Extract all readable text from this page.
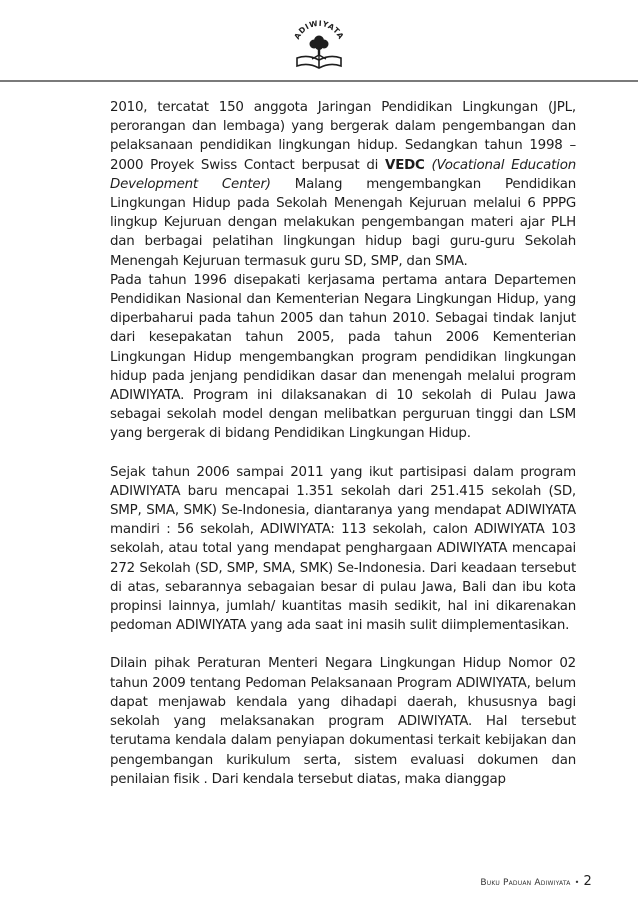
ADIWIYATA

2010, tercatat 150 anggota Jaringan Pendidikan Lingkungan (JPL, perorangan dan lembaga) yang bergerak dalam pengembangan dan pelaksanaan pendidikan lingkungan hidup. Sedangkan tahun 1998 – 2000 Proyek Swiss Contact berpusat di VEDC (Vocational Education Development Center) Malang mengembangkan Pendidikan Lingkungan Hidup pada Sekolah Menengah Kejuruan melalui 6 PPPG lingkup Kejuruan dengan melakukan pengembangan materi ajar PLH dan berbagai pelatihan lingkungan hidup bagi guru-guru Sekolah Menengah Kejuruan termasuk guru SD, SMP, dan SMA.

Pada tahun 1996 disepakati kerjasama pertama antara Departemen Pendidikan Nasional dan Kementerian Negara Lingkungan Hidup, yang diperbaharui pada tahun 2005 dan tahun 2010. Sebagai tindak lanjut dari kesepakatan tahun 2005, pada tahun 2006 Kementerian Lingkungan Hidup mengembangkan program pendidikan lingkungan hidup pada jenjang pendidikan dasar dan menengah melalui program ADIWIYATA. Program ini dilaksanakan di 10 sekolah di Pulau Jawa sebagai sekolah model dengan melibatkan perguruan tinggi dan LSM yang bergerak di bidang Pendidikan Lingkungan Hidup.

Sejak tahun 2006 sampai 2011 yang ikut partisipasi dalam program ADIWIYATA baru mencapai 1.351 sekolah dari 251.415 sekolah (SD, SMP, SMA, SMK) Se-Indonesia, diantaranya yang mendapat ADIWIYATA mandiri : 56 sekolah, ADIWIYATA: 113 sekolah, calon ADIWIYATA 103 sekolah, atau total yang mendapat penghargaan ADIWIYATA mencapai 272 Sekolah (SD, SMP, SMA, SMK) Se-Indonesia. Dari keadaan tersebut di atas, sebarannya sebagaian besar di pulau Jawa, Bali dan ibu kota propinsi lainnya, jumlah/ kuantitas masih sedikit, hal ini dikarenakan pedoman ADIWIYATA yang ada saat ini masih sulit diimplementasikan.

Dilain pihak Peraturan Menteri Negara Lingkungan Hidup Nomor 02 tahun 2009 tentang Pedoman Pelaksanaan Program ADIWIYATA, belum dapat menjawab kendala yang dihadapi daerah, khususnya bagi sekolah yang melaksanakan program ADIWIYATA. Hal tersebut terutama kendala dalam penyiapan dokumentasi terkait kebijakan dan pengembangan kurikulum serta, sistem evaluasi dokumen dan penilaian fisik . Dari kendala tersebut diatas, maka dianggap

Buku Paduan Adiwiyata • 2
